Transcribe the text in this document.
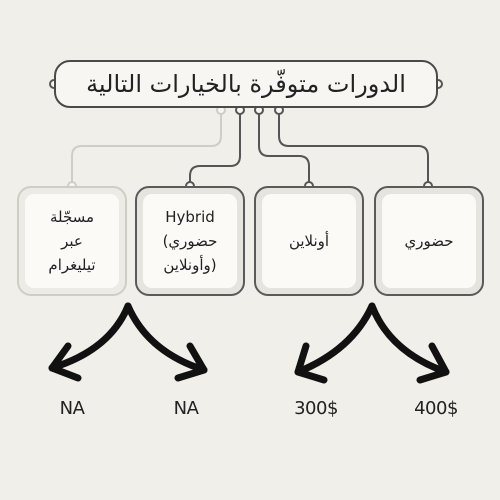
الدورات متوفّرة بالخيارات التالية
حضوري
أونلاين
Hybrid
حضوري)
(وأونلاين
مسجّلة
عبر
تيليغرام
NA	NA	300$	400$
